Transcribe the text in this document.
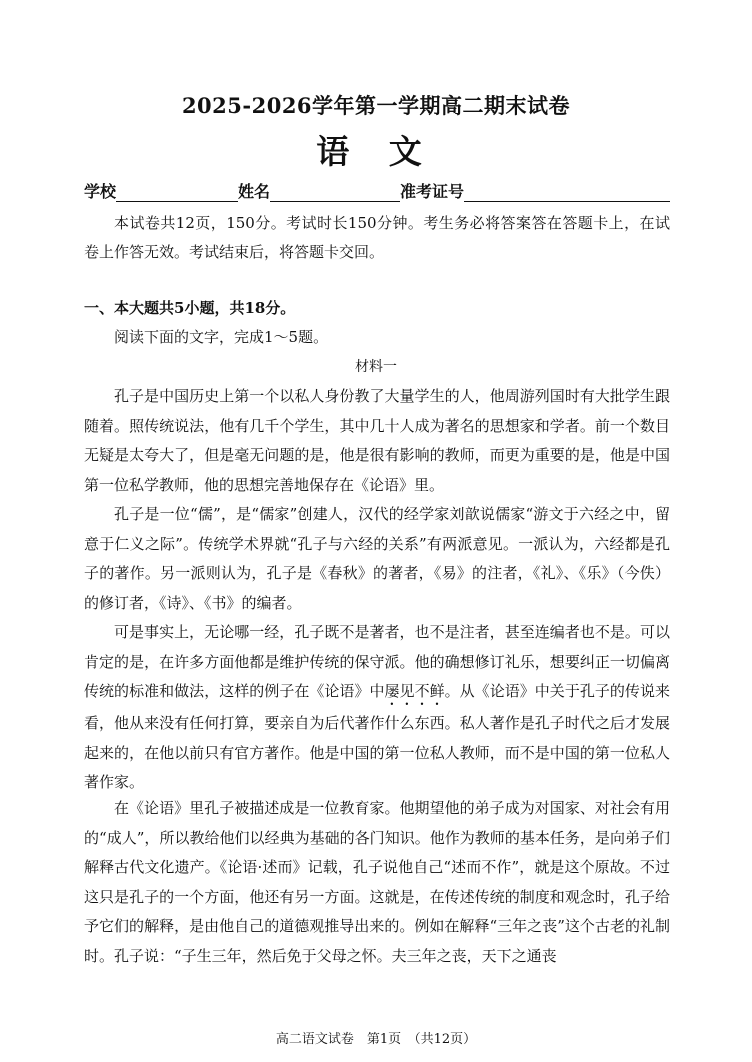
2025-2026学年第一学期高二期末试卷
语 文
学校	姓名	准考证号

本试卷共12页，150分。考试时长150分钟。考生务必将答案答在答题卡上，在试卷上作答无效。考试结束后，将答题卡交回。

一、本大题共5小题，共18分。
阅读下面的文字，完成1～5题。
材料一

孔子是中国历史上第一个以私人身份教了大量学生的人，他周游列国时有大批学生跟随着。照传统说法，他有几千个学生，其中几十人成为著名的思想家和学者。前一个数目无疑是太夸大了，但是毫无问题的是，他是很有影响的教师，而更为重要的是，他是中国第一位私学教师，他的思想完善地保存在《论语》里。

孔子是一位“儒”，是“儒家”创建人，汉代的经学家刘歆说儒家“游文于六经之中，留意于仁义之际”。传统学术界就“孔子与六经的关系”有两派意见。一派认为，六经都是孔子的著作。另一派则认为，孔子是《春秋》的著者，《易》的注者，《礼》、《乐》（今佚）的修订者，《诗》、《书》的编者。

可是事实上，无论哪一经，孔子既不是著者，也不是注者，甚至连编者也不是。可以肯定的是，在许多方面他都是维护传统的保守派。他的确想修订礼乐，想要纠正一切偏离传统的标准和做法，这样的例子在《论语》中屡见不鲜。从《论语》中关于孔子的传说来看，他从来没有任何打算，要亲自为后代著作什么东西。私人著作是孔子时代之后才发展起来的，在他以前只有官方著作。他是中国的第一位私人教师，而不是中国的第一位私人著作家。

在《论语》里孔子被描述成是一位教育家。他期望他的弟子成为对国家、对社会有用的“成人”，所以教给他们以经典为基础的各门知识。他作为教师的基本任务，是向弟子们解释古代文化遗产。《论语·述而》记载，孔子说他自己“述而不作”，就是这个原故。不过这只是孔子的一个方面，他还有另一方面。这就是，在传述传统的制度和观念时，孔子给予它们的解释，是由他自己的道德观推导出来的。例如在解释“三年之丧”这个古老的礼制时。孔子说：“子生三年，然后免于父母之怀。夫三年之丧，天下之通丧

高二语文试卷　第1页　（共12页）
